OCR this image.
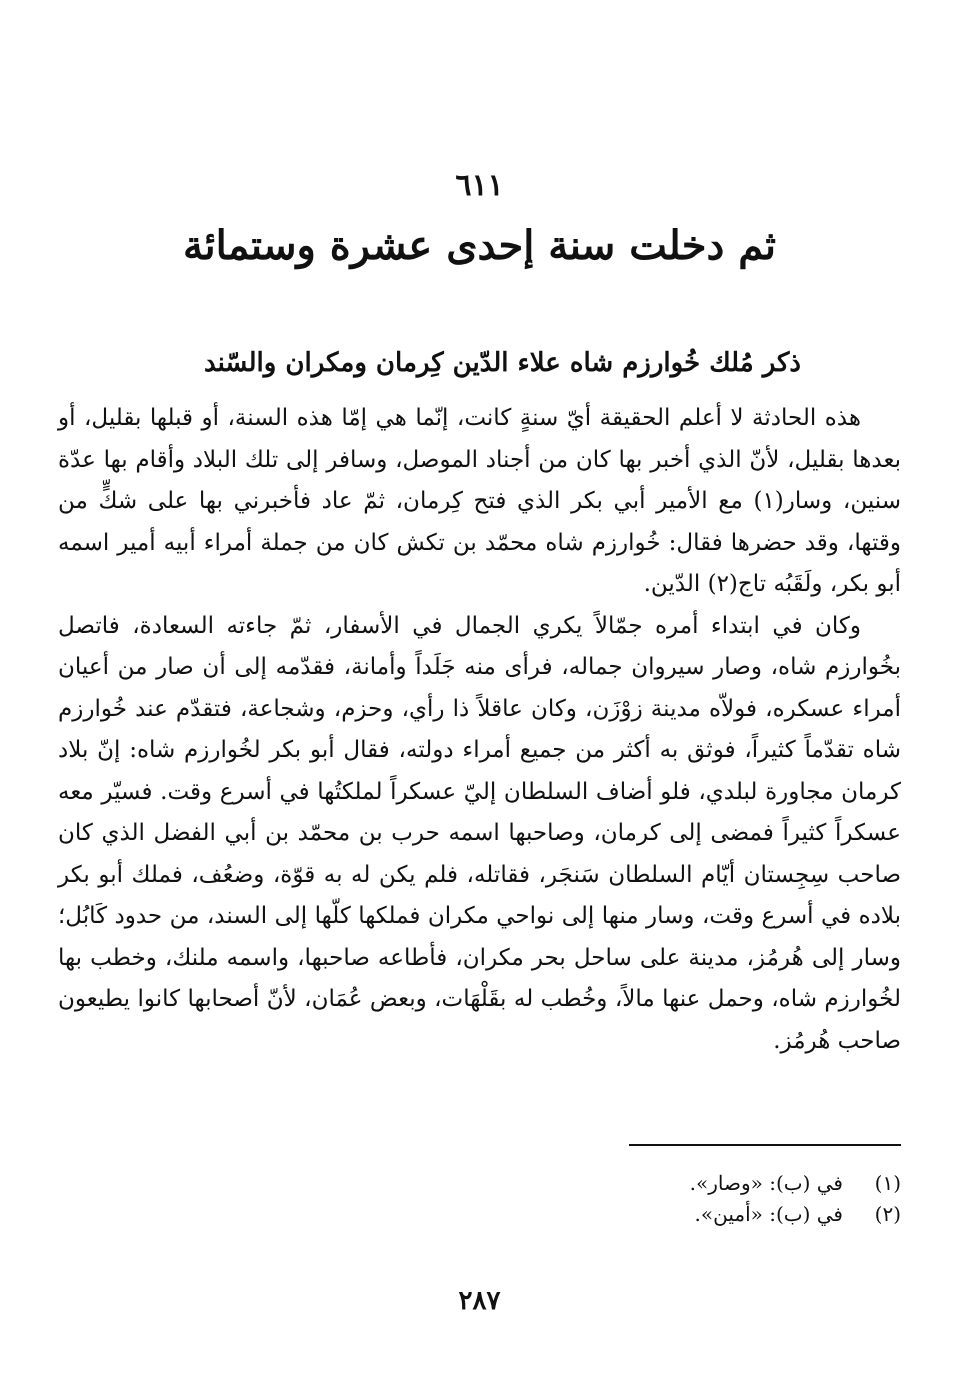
٦١١
ثم دخلت سنة إحدى عشرة وستمائة
ذكر مُلك خُوارزم شاه علاء الدّين كِرمان ومكران والسّند

هذه الحادثة لا أعلم الحقيقة أيّ سنةٍ كانت، إنّما هي إمّا هذه السنة، أو قبلها بقليل، أو بعدها بقليل، لأنّ الذي أخبر بها كان من أجناد الموصل، وسافر إلى تلك البلاد وأقام بها عدّة سنين، وسار(١) مع الأمير أبي بكر الذي فتح كِرمان، ثمّ عاد فأخبرني بها على شكٍّ من وقتها، وقد حضرها فقال: خُوارزم شاه محمّد بن تكش كان من جملة أمراء أبيه أمير اسمه أبو بكر، ولَقَبُه تاج(٢) الدّين.

وكان في ابتداء أمره جمّالاً يكري الجمال في الأسفار، ثمّ جاءته السعادة، فاتصل بخُوارزم شاه، وصار سيروان جماله، فرأى منه جَلَداً وأمانة، فقدّمه إلى أن صار من أعيان أمراء عسكره، فولاّه مدينة زوْزَن، وكان عاقلاً ذا رأي، وحزم، وشجاعة، فتقدّم عند خُوارزم شاه تقدّماً كثيراً، فوثق به أكثر من جميع أمراء دولته، فقال أبو بكر لخُوارزم شاه: إنّ بلاد كرمان مجاورة لبلدي، فلو أضاف السلطان إليّ عسكراً لملكتُها في أسرع وقت. فسيّر معه عسكراً كثيراً فمضى إلى كرمان، وصاحبها اسمه حرب بن محمّد بن أبي الفضل الذي كان صاحب سِجِستان أيّام السلطان سَنجَر، فقاتله، فلم يكن له به قوّة، وضعُف، فملك أبو بكر بلاده في أسرع وقت، وسار منها إلى نواحي مكران فملكها كلّها إلى السند، من حدود كَابُل؛ وسار إلى هُرمُز، مدينة على ساحل بحر مكران، فأطاعه صاحبها، واسمه ملنك، وخطب بها لخُوارزم شاه، وحمل عنها مالاً، وخُطب له بقَلْهَات، وبعض عُمَان، لأنّ أصحابها كانوا يطيعون صاحب هُرمُز.

(١)
في (ب): «وصار».
(٢)
في (ب): «أمين».
٢٨٧
